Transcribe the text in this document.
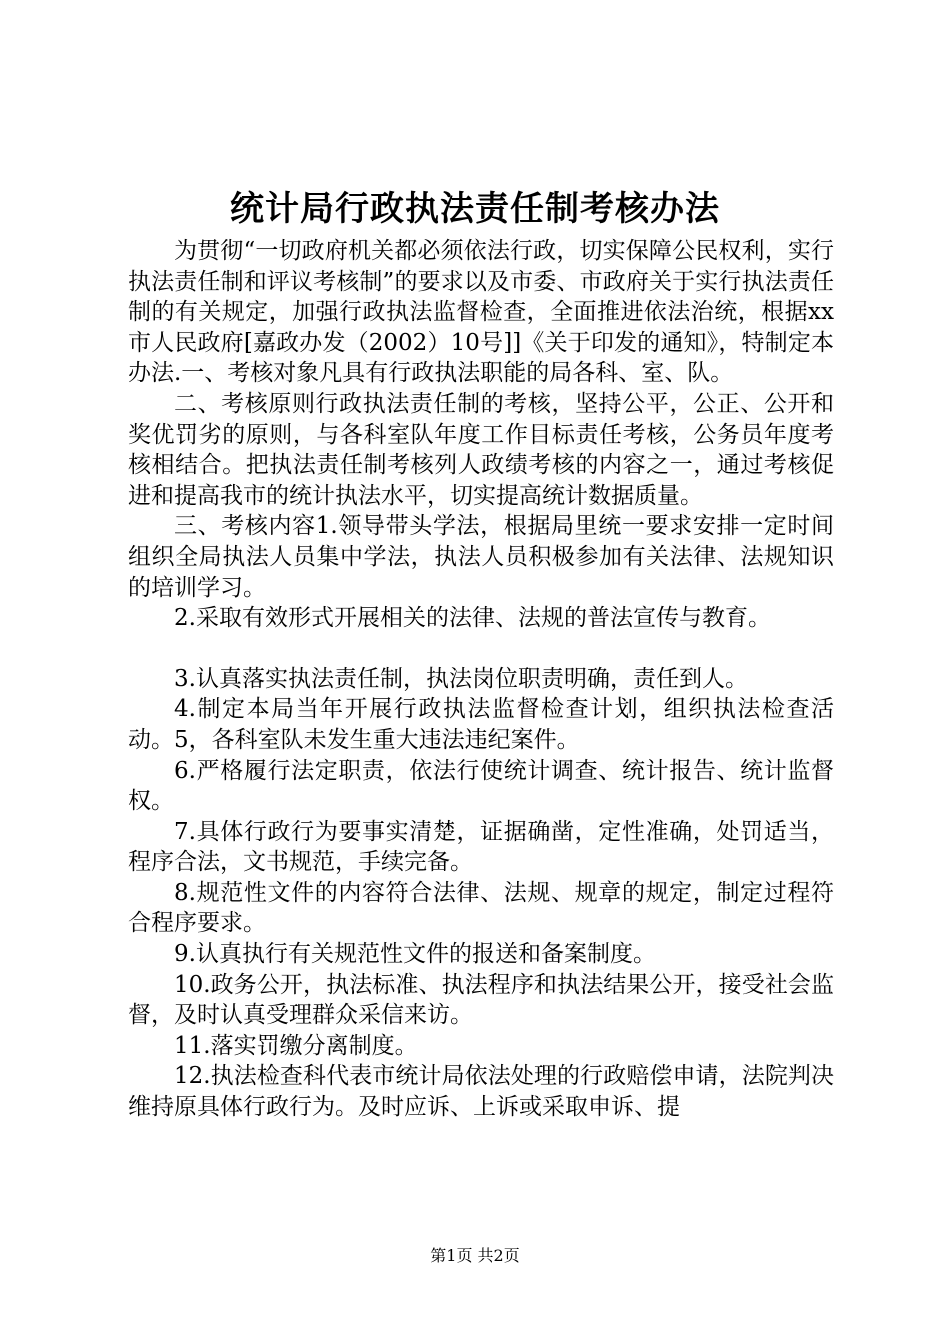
统计局行政执法责任制考核办法

为贯彻“一切政府机关都必须依法行政，切实保障公民权利，实行执法责任制和评议考核制”的要求以及市委、市政府关于实行执法责任制的有关规定，加强行政执法监督检查，全面推进依法治统，根据xx市人民政府[嘉政办发（2002）10号]]《关于印发的通知》，特制定本办法.一、考核对象凡具有行政执法职能的局各科、室、队。

二、考核原则行政执法责任制的考核，坚持公平，公正、公开和奖优罚劣的原则，与各科室队年度工作目标责任考核，公务员年度考核相结合。把执法责任制考核列人政绩考核的内容之一，通过考核促进和提高我市的统计执法水平，切实提高统计数据质量。

三、考核内容1.领导带头学法，根据局里统一要求安排一定时间组织全局执法人员集中学法，执法人员积极参加有关法律、法规知识的培训学习。

2.采取有效形式开展相关的法律、法规的普法宣传与教育。

3.认真落实执法责任制，执法岗位职责明确，责任到人。

4.制定本局当年开展行政执法监督检查计划，组织执法检查活动。5，各科室队未发生重大违法违纪案件。

6.严格履行法定职责，依法行使统计调查、统计报告、统计监督权。

7.具体行政行为要事实清楚，证据确凿，定性准确，处罚适当，程序合法，文书规范，手续完备。

8.规范性文件的内容符合法律、法规、规章的规定，制定过程符合程序要求。

9.认真执行有关规范性文件的报送和备案制度。

10.政务公开，执法标准、执法程序和执法结果公开，接受社会监督，及时认真受理群众采信来访。

11.落实罚缴分离制度。

12.执法检查科代表市统计局依法处理的行政赔偿申请，法院判决维持原具体行政行为。及时应诉、上诉或采取申诉、提

第1页 共2页
